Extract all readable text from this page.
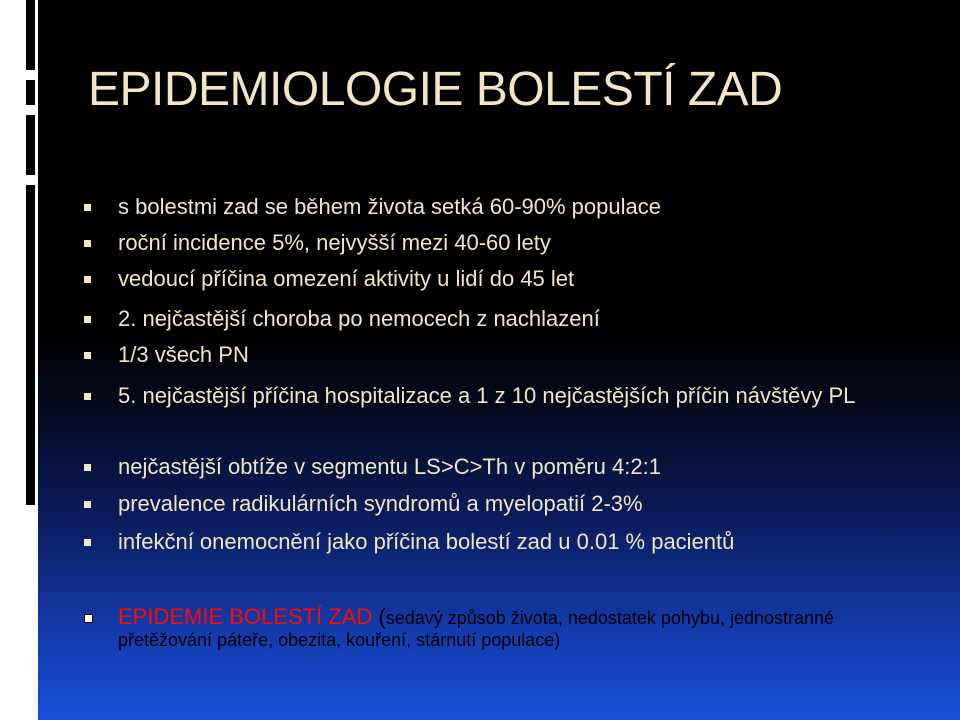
EPIDEMIOLOGIE BOLESTÍ ZAD
s bolestmi zad se během života setká 60-90% populace
roční incidence 5%, nejvyšší mezi 40-60 lety
vedoucí příčina omezení aktivity u lidí do 45 let
2. nejčastější choroba po nemocech z nachlazení
1/3 všech PN
5. nejčastější příčina hospitalizace a 1 z 10 nejčastějších příčin návštěvy PL
nejčastější obtíže v segmentu LS>C>Th v poměru 4:2:1
prevalence radikulárních syndromů a myelopatií 2-3%
infekční onemocnění jako příčina bolestí zad u 0.01 % pacientů
EPIDEMIE BOLESTÍ ZAD (sedavý způsob života, nedostatek pohybu, jednostranné přetěžování páteře, obezita, kouření, stárnutí populace)
